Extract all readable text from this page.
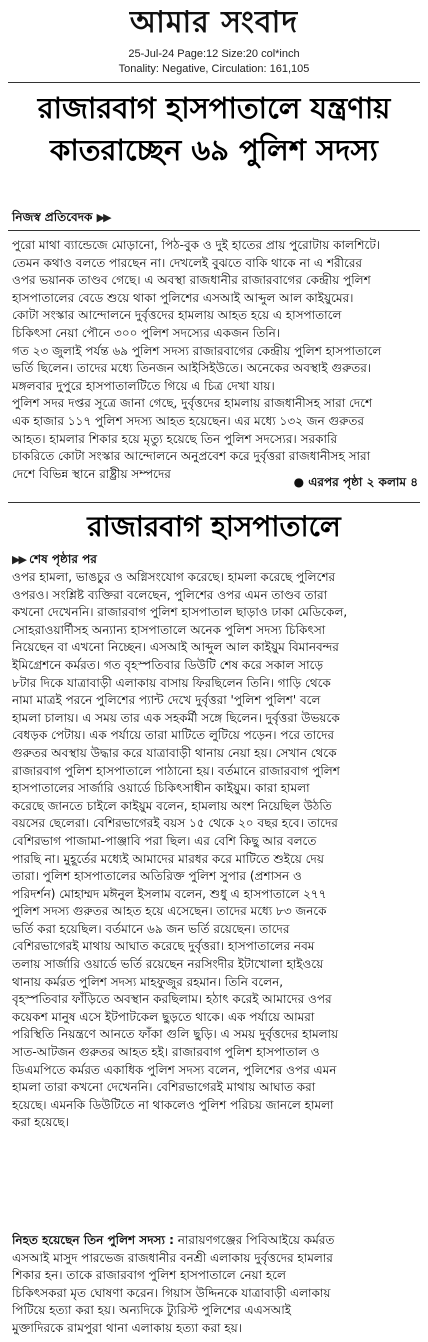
আমার সংবাদ
25-Jul-24 Page:12 Size:20 col*inch
Tonality: Negative, Circulation: 161,105
রাজারবাগ হাসপাতালে যন্ত্রণায়
কাতরাচ্ছেন ৬৯ পুলিশ সদস্য
নিজস্ব প্রতিবেদক ▶▶
পুরো মাথা ব্যান্ডেজে মোড়ানো, পিঠ-বুক ও দুই হাতের প্রায় পুরোটায় কালশিটে।
তেমন কথাও বলতে পারছেন না। দেখলেই বুঝতে বাকি থাকে না এ শরীরের
ওপর ভয়ানক তাণ্ডব গেছে। এ অবস্থা রাজধানীর রাজারবাগের কেন্দ্রীয় পুলিশ
হাসপাতালের বেডে শুয়ে থাকা পুলিশের এসআই আব্দুল আল কাইয়ুমের।
কোটা সংস্কার আন্দোলনে দুর্বৃত্তদের হামলায় আহত হয়ে এ হাসপাতালে
চিকিৎসা নেয়া পৌনে ৩০০ পুলিশ সদস্যের একজন তিনি।
গত ২৩ জুলাই পর্যন্ত ৬৯ পুলিশ সদস্য রাজারবাগের কেন্দ্রীয় পুলিশ হাসপাতালে
ভর্তি ছিলেন। তাদের মধ্যে তিনজন আইসিইউতে। অনেকের অবস্থাই গুরুতর।
মঙ্গলবার দুপুরে হাসপাতালটিতে গিয়ে এ চিত্র দেখা যায়।
পুলিশ সদর দপ্তর সূত্রে জানা গেছে, দুর্বৃত্তদের হামলায় রাজধানীসহ সারা দেশে
এক হাজার ১১৭ পুলিশ সদস্য আহত হয়েছেন। এর মধ্যে ১৩২ জন গুরুতর
আহত। হামলার শিকার হয়ে মৃত্যু হয়েছে তিন পুলিশ সদস্যের। সরকারি
চাকরিতে কোটা সংস্কার আন্দোলনে অনুপ্রবেশ করে দুর্বৃত্তরা রাজধানীসহ সারা
দেশে বিভিন্ন স্থানে রাষ্ট্রীয় সম্পদের
● এরপর পৃষ্ঠা ২ কলাম ৪
রাজারবাগ হাসপাতালে
▶▶ শেষ পৃষ্ঠার পর
ওপর হামলা, ভাঙচুর ও অগ্নিসংযোগ করেছে। হামলা করেছে পুলিশের
ওপরও। সংশ্লিষ্ট ব্যক্তিরা বলেছেন, পুলিশের ওপর এমন তাণ্ডব তারা
কখনো দেখেননি। রাজারবাগ পুলিশ হাসপাতাল ছাড়াও ঢাকা মেডিকেল,
সোহরাওয়ার্দীসহ অন্যান্য হাসপাতালে অনেক পুলিশ সদস্য চিকিৎসা
নিয়েছেন বা এখনো নিচ্ছেন। এসআই আব্দুল আল কাইয়ুম বিমানবন্দর
ইমিগ্রেশনে কর্মরত। গত বৃহস্পতিবার ডিউটি শেষ করে সকাল সাড়ে
৮টার দিকে যাত্রাবাড়ী এলাকায় বাসায় ফিরছিলেন তিনি। গাড়ি থেকে
নামা মাত্রই পরনে পুলিশের প্যান্ট দেখে দুর্বৃত্তরা 'পুলিশ পুলিশ' বলে
হামলা চালায়। এ সময় তার এক সহকর্মী সঙ্গে ছিলেন। দুর্বৃত্তরা উভয়কে
বেধড়ক পেটায়। এক পর্যায়ে তারা মাটিতে লুটিয়ে পড়েন। পরে তাদের
গুরুতর অবস্থায় উদ্ধার করে যাত্রাবাড়ী থানায় নেয়া হয়। সেখান থেকে
রাজারবাগ পুলিশ হাসপাতালে পাঠানো হয়। বর্তমানে রাজারবাগ পুলিশ
হাসপাতালের সার্জারি ওয়ার্ডে চিকিৎসাধীন কাইয়ুম। কারা হামলা
করেছে জানতে চাইলে কাইয়ুম বলেন, হামলায় অংশ নিয়েছিল উঠতি
বয়সের ছেলেরা। বেশিরভাগেরই বয়স ১৫ থেকে ২০ বছর হবে। তাদের
বেশিরভাগ পাজামা-পাঞ্জাবি পরা ছিল। এর বেশি কিছু আর বলতে
পারছি না। মুহূর্তের মধ্যেই আমাদের মারধর করে মাটিতে শুইয়ে দেয়
তারা। পুলিশ হাসপাতালের অতিরিক্ত পুলিশ সুপার (প্রশাসন ও
পরিদর্শন) মোহাম্মদ মঈনুল ইসলাম বলেন, শুধু এ হাসপাতালে ২৭৭
পুলিশ সদস্য গুরুতর আহত হয়ে এসেছেন। তাদের মধ্যে ৮৩ জনকে
ভর্তি করা হয়েছিল। বর্তমানে ৬৯ জন ভর্তি রয়েছেন। তাদের
বেশিরভাগেরই মাথায় আঘাত করেছে দুর্বৃত্তরা। হাসপাতালের নবম
তলায় সার্জারি ওয়ার্ডে ভর্তি রয়েছেন নরসিংদীর ইটাখোলা হাইওয়ে
থানায় কর্মরত পুলিশ সদস্য মাহফুজুর রহমান। তিনি বলেন,
বৃহস্পতিবার ফাঁড়িতে অবস্থান করছিলাম। হঠাৎ করেই আমাদের ওপর
কয়েকশ মানুষ এসে ইটপাটকেল ছুড়তে থাকে। এক পর্যায়ে আমরা
পরিস্থিতি নিয়ন্ত্রণে আনতে ফাঁকা গুলি ছুড়ি। এ সময় দুর্বৃত্তদের হামলায়
সাত-আটজন গুরুতর আহত হই। রাজারবাগ পুলিশ হাসপাতাল ও
ডিএমপিতে কর্মরত একাধিক পুলিশ সদস্য বলেন, পুলিশের ওপর এমন
হামলা তারা কখনো দেখেননি। বেশিরভাগেরই মাথায় আঘাত করা
হয়েছে। এমনকি ডিউটিতে না থাকলেও পুলিশ পরিচয় জানলে হামলা
করা হয়েছে।
নিহত হয়েছেন তিন পুলিশ সদস্য : নারায়ণগঞ্জের পিবিআইয়ে কর্মরত
এসআই মাসুদ পারভেজ রাজধানীর বনশ্রী এলাকায় দুর্বৃত্তদের হামলার
শিকার হন। তাকে রাজারবাগ পুলিশ হাসপাতালে নেয়া হলে
চিকিৎসকরা মৃত ঘোষণা করেন। গিয়াস উদ্দিনকে যাত্রাবাড়ী এলাকায়
পিটিয়ে হত্যা করা হয়। অন্যদিকে ট্যুরিস্ট পুলিশের এএসআই
মুক্তাদিরকে রামপুরা থানা এলাকায় হত্যা করা হয়।
